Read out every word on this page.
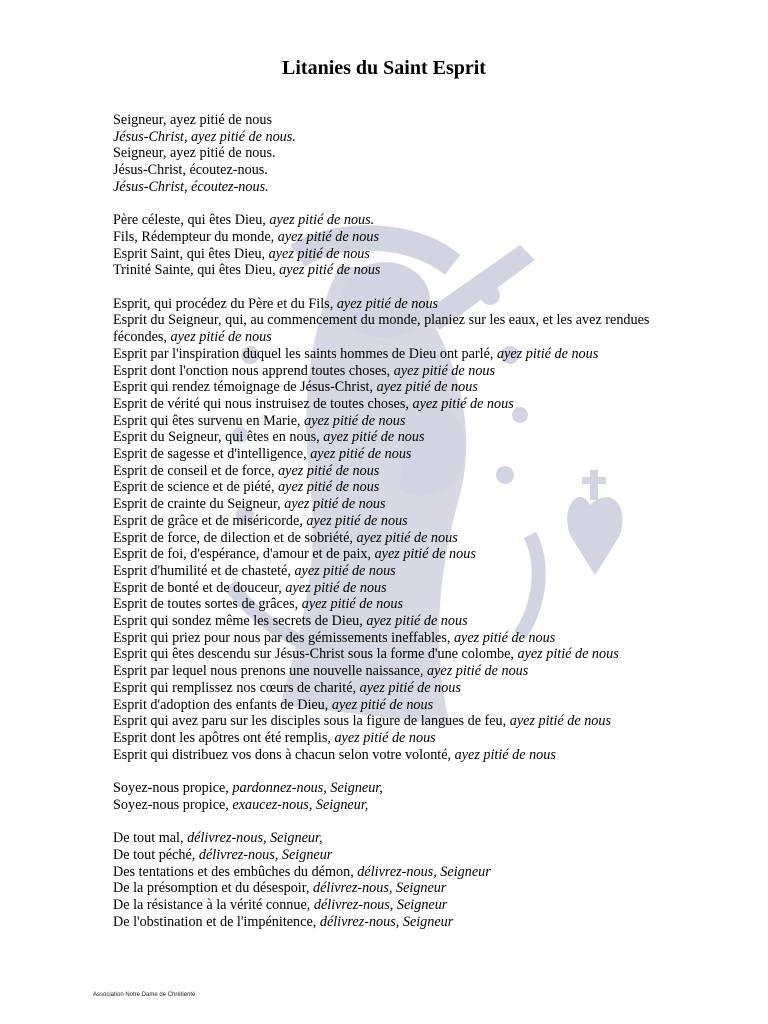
Litanies du Saint Esprit
Seigneur, ayez pitié de nous
Jésus-Christ, ayez pitié de nous.
Seigneur, ayez pitié de nous.
Jésus-Christ, écoutez-nous.
Jésus-Christ, écoutez-nous.
Père céleste, qui êtes Dieu, ayez pitié de nous.
Fils, Rédempteur du monde, ayez pitié de nous
Esprit Saint, qui êtes Dieu, ayez pitié de nous
Trinité Sainte, qui êtes Dieu, ayez pitié de nous
Esprit, qui procédez du Père et du Fils, ayez pitié de nous
Esprit du Seigneur, qui, au commencement du monde, planiez sur les eaux, et les avez rendues fécondes, ayez pitié de nous
Esprit par l'inspiration duquel les saints hommes de Dieu ont parlé, ayez pitié de nous
Esprit dont l'onction nous apprend toutes choses, ayez pitié de nous
Esprit qui rendez témoignage de Jésus-Christ, ayez pitié de nous
Esprit de vérité qui nous instruisez de toutes choses, ayez pitié de nous
Esprit qui êtes survenu en Marie, ayez pitié de nous
Esprit du Seigneur, qui êtes en nous, ayez pitié de nous
Esprit de sagesse et d'intelligence, ayez pitié de nous
Esprit de conseil et de force, ayez pitié de nous
Esprit de science et de piété, ayez pitié de nous
Esprit de crainte du Seigneur, ayez pitié de nous
Esprit de grâce et de miséricorde, ayez pitié de nous
Esprit de force, de dilection et de sobriété, ayez pitié de nous
Esprit de foi, d'espérance, d'amour et de paix, ayez pitié de nous
Esprit d'humilité et de chasteté, ayez pitié de nous
Esprit de bonté et de douceur, ayez pitié de nous
Esprit de toutes sortes de grâces, ayez pitié de nous
Esprit qui sondez même les secrets de Dieu, ayez pitié de nous
Esprit qui priez pour nous par des gémissements ineffables, ayez pitié de nous
Esprit qui êtes descendu sur Jésus-Christ sous la forme d'une colombe, ayez pitié de nous
Esprit par lequel nous prenons une nouvelle naissance, ayez pitié de nous
Esprit qui remplissez nos cœurs de charité, ayez pitié de nous
Esprit d'adoption des enfants de Dieu, ayez pitié de nous
Esprit qui avez paru sur les disciples sous la figure de langues de feu, ayez pitié de nous
Esprit dont les apôtres ont été remplis, ayez pitié de nous
Esprit qui distribuez vos dons à chacun selon votre volonté, ayez pitié de nous
Soyez-nous propice, pardonnez-nous, Seigneur,
Soyez-nous propice, exaucez-nous, Seigneur,
De tout mal, délivrez-nous, Seigneur,
De tout péché, délivrez-nous, Seigneur
Des tentations et des embûches du démon, délivrez-nous, Seigneur
De la présomption et du désespoir, délivrez-nous, Seigneur
De la résistance à la vérité connue, délivrez-nous, Seigneur
De l'obstination et de l'impénitence, délivrez-nous, Seigneur
Association Notre Dame de Chrétienté
